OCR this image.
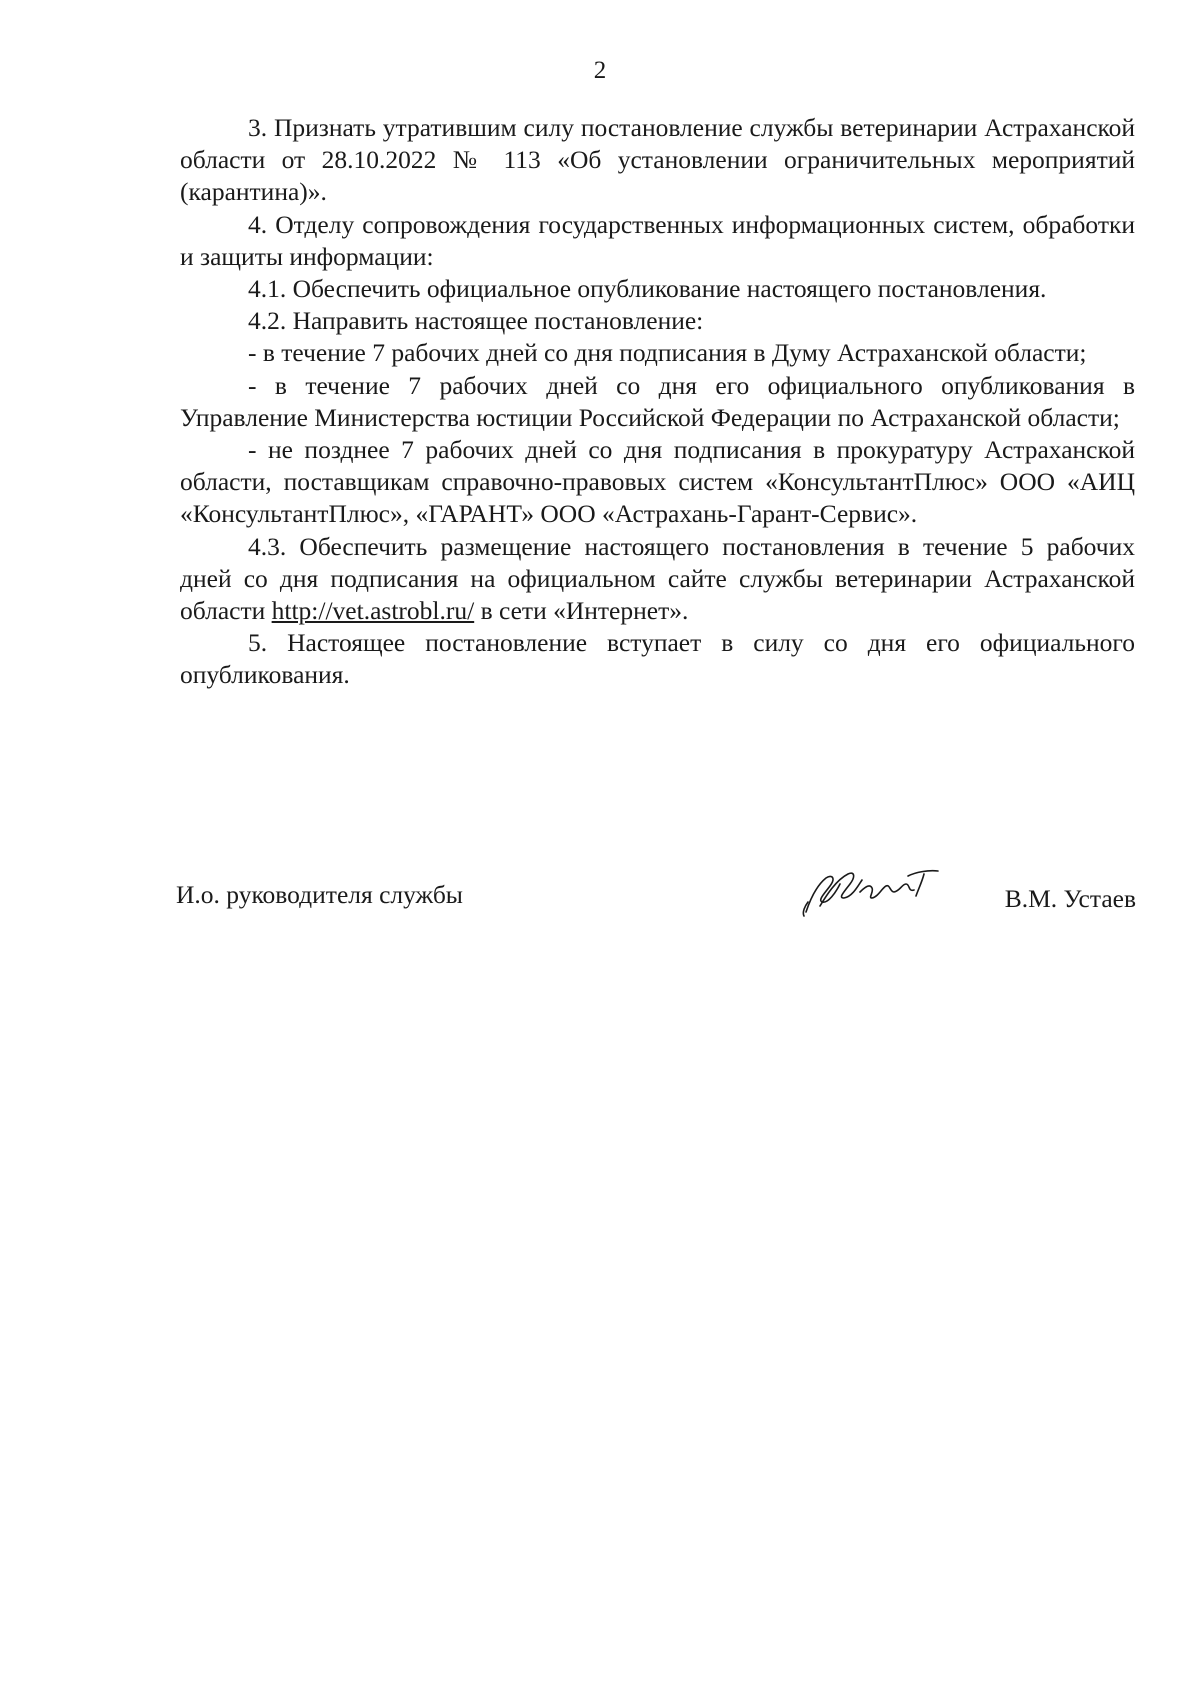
2

3. Признать утратившим силу постановление службы ветеринарии Астраханской области от 28.10.2022 № 113 «Об установлении ограничительных мероприятий (карантина)».

4. Отделу сопровождения государственных информационных систем, обработки и защиты информации:

4.1. Обеспечить официальное опубликование настоящего постановления.

4.2. Направить настоящее постановление:

- в течение 7 рабочих дней со дня подписания в Думу Астраханской области;

- в течение 7 рабочих дней со дня его официального опубликования в Управление Министерства юстиции Российской Федерации по Астраханской области;

- не позднее 7 рабочих дней со дня подписания в прокуратуру Астраханской области, поставщикам справочно-правовых систем «КонсультантПлюс» ООО «АИЦ «КонсультантПлюс», «ГАРАНТ» ООО «Астрахань-Гарант-Сервис».

4.3. Обеспечить размещение настоящего постановления в течение 5 рабочих дней со дня подписания на официальном сайте службы ветеринарии Астраханской области http://vet.astrobl.ru/ в сети «Интернет».

5. Настоящее постановление вступает в силу со дня его официального опубликования.

И.о. руководителя службы	В.М. Устаев
